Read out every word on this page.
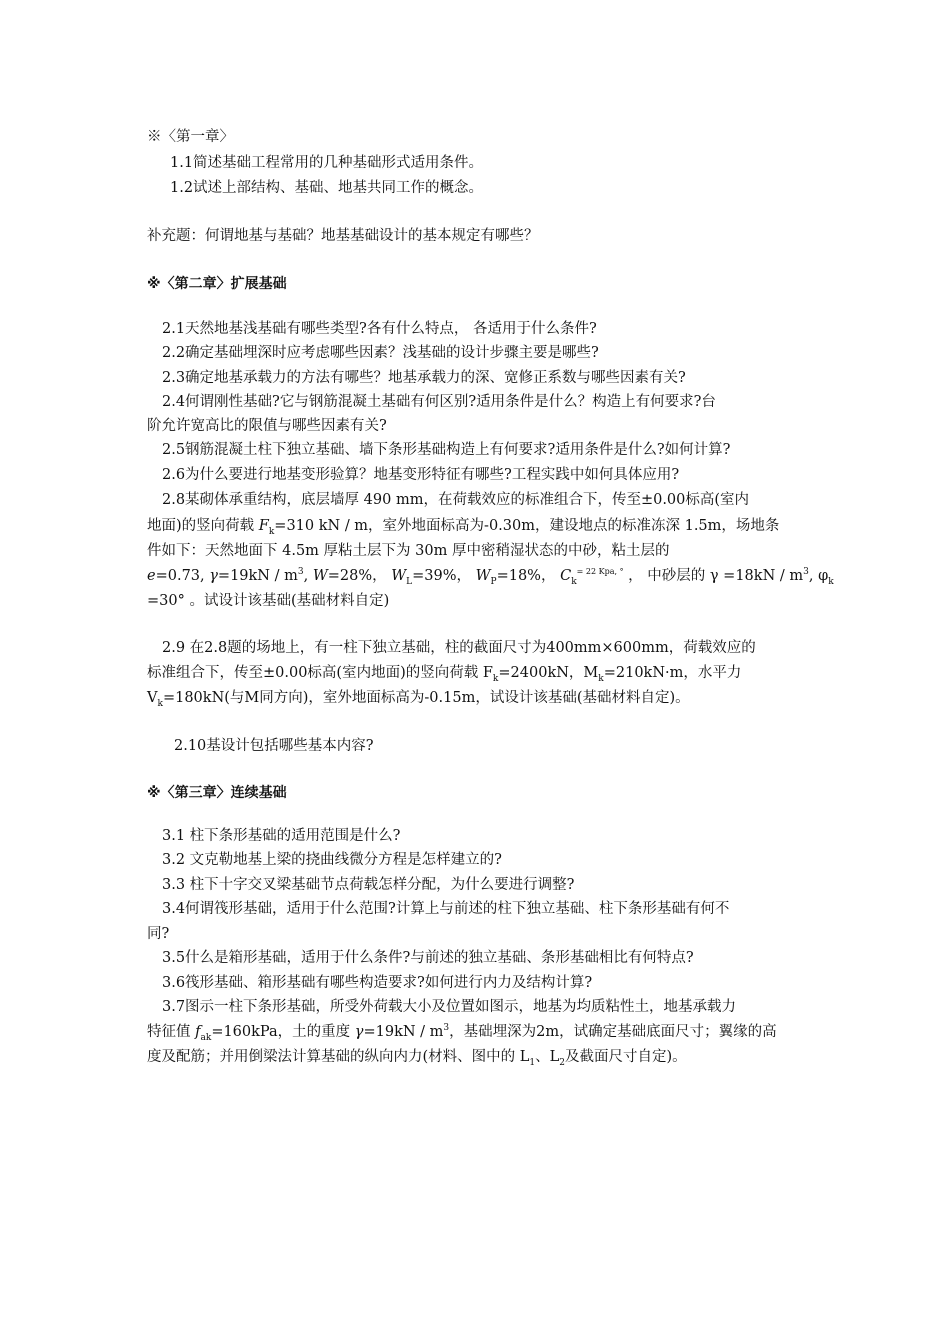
※〈第一章〉
1.1简述基础工程常用的几种基础形式适用条件。
1.2试述上部结构、基础、地基共同工作的概念。
补充题：何谓地基与基础？地基基础设计的基本规定有哪些？
※〈第二章〉扩展基础
2.1天然地基浅基础有哪些类型?各有什么特点， 各适用于什么条件?
2.2确定基础埋深时应考虑哪些因素？浅基础的设计步骤主要是哪些?
2.3确定地基承载力的方法有哪些？地基承载力的深、宽修正系数与哪些因素有关?
2.4何谓刚性基础?它与钢筋混凝土基础有何区别?适用条件是什么？构造上有何要求?台
阶允许宽高比的限值与哪些因素有关?
2.5钢筋混凝土柱下独立基础、墙下条形基础构造上有何要求?适用条件是什么?如何计算?
2.6为什么要进行地基变形验算？地基变形特征有哪些?工程实践中如何具体应用?
2.8某砌体承重结构，底层墙厚 490 mm，在荷载效应的标准组合下，传至±0.00标高(室内
地面)的竖向荷载 $F_k=310$ kN / m，室外地面标高为-0.30m，建设地点的标准冻深 1.5m，场地条
件如下：天然地面下 4.5m 厚粘土层下为 30m 厚中密稍湿状态的中砂，粘土层的
e=0.73, $\gamma=19kN / m^3$, W=28%， $W_L=39\%$， $W_P=18\%$， $C_k^{= 22 Kpa, ^\circ}$ ， 中砂层的 $\gamma =18kN / m^3$, $\varphi_k$
=30° 。试设计该基础(基础材料自定)
2.9 在2.8题的场地上，有一柱下独立基础，柱的截面尺寸为400mm×600mm，荷载效应的
标准组合下，传至±0.00标高(室内地面)的竖向荷载 $F_k=2400kN$，$M_k=210kN\cdot m$，水平力
$V_k=180kN$(与M同方向)，室外地面标高为-0.15m，试设计该基础(基础材料自定)。
2.10基设计包括哪些基本内容?
※〈第三章〉连续基础
3.1 柱下条形基础的适用范围是什么?
3.2 文克勒地基上梁的挠曲线微分方程是怎样建立的?
3.3 柱下十字交叉梁基础节点荷载怎样分配，为什么要进行调整?
3.4何谓筏形基础，适用于什么范围?计算上与前述的柱下独立基础、柱下条形基础有何不
同?
3.5什么是箱形基础，适用于什么条件?与前述的独立基础、条形基础相比有何特点?
3.6筏形基础、箱形基础有哪些构造要求?如何进行内力及结构计算?
3.7图示一柱下条形基础，所受外荷载大小及位置如图示，地基为均质粘性土，地基承载力
特征值 $f_{ak}=160kPa$，土的重度 $\gamma=19kN / m^3$，基础埋深为2m，试确定基础底面尺寸；翼缘的高
度及配筋；并用倒梁法计算基础的纵向内力(材料、图中的 $L_1$、$L_2$及截面尺寸自定)。
